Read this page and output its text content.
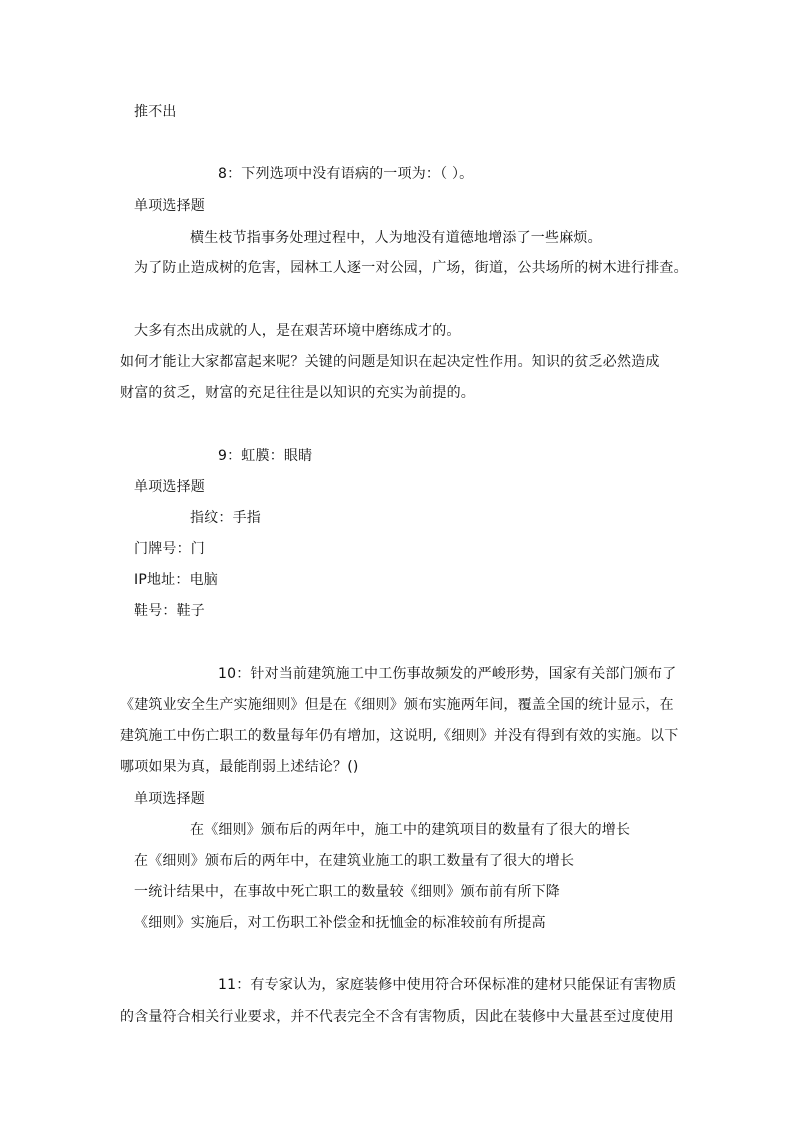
推不出
8：下列选项中没有语病的一项为：（ ）。
单项选择题
横生枝节指事务处理过程中，人为地没有道德地增添了一些麻烦。
为了防止造成树的危害，园林工人逐一对公园，广场，街道，公共场所的树木进行排查。
大多有杰出成就的人，是在艰苦环境中磨练成才的。
如何才能让大家都富起来呢？关键的问题是知识在起决定性作用。知识的贫乏必然造成
财富的贫乏，财富的充足往往是以知识的充实为前提的。
9：虹膜：眼睛
单项选择题
指纹：手指
门牌号：门
IP地址：电脑
鞋号：鞋子
10：针对当前建筑施工中工伤事故频发的严峻形势，国家有关部门颁布了
《建筑业安全生产实施细则》但是在《细则》颁布实施两年间，覆盖全国的统计显示，在
建筑施工中伤亡职工的数量每年仍有增加，这说明,《细则》并没有得到有效的实施。以下
哪项如果为真，最能削弱上述结论？()
单项选择题
在《细则》颁布后的两年中，施工中的建筑项目的数量有了很大的增长
在《细则》颁布后的两年中，在建筑业施工的职工数量有了很大的增长
一统计结果中，在事故中死亡职工的数量较《细则》颁布前有所下降
《细则》实施后，对工伤职工补偿金和抚恤金的标准较前有所提高
11：有专家认为，家庭装修中使用符合环保标准的建材只能保证有害物质
的含量符合相关行业要求，并不代表完全不含有害物质，因此在装修中大量甚至过度使用
